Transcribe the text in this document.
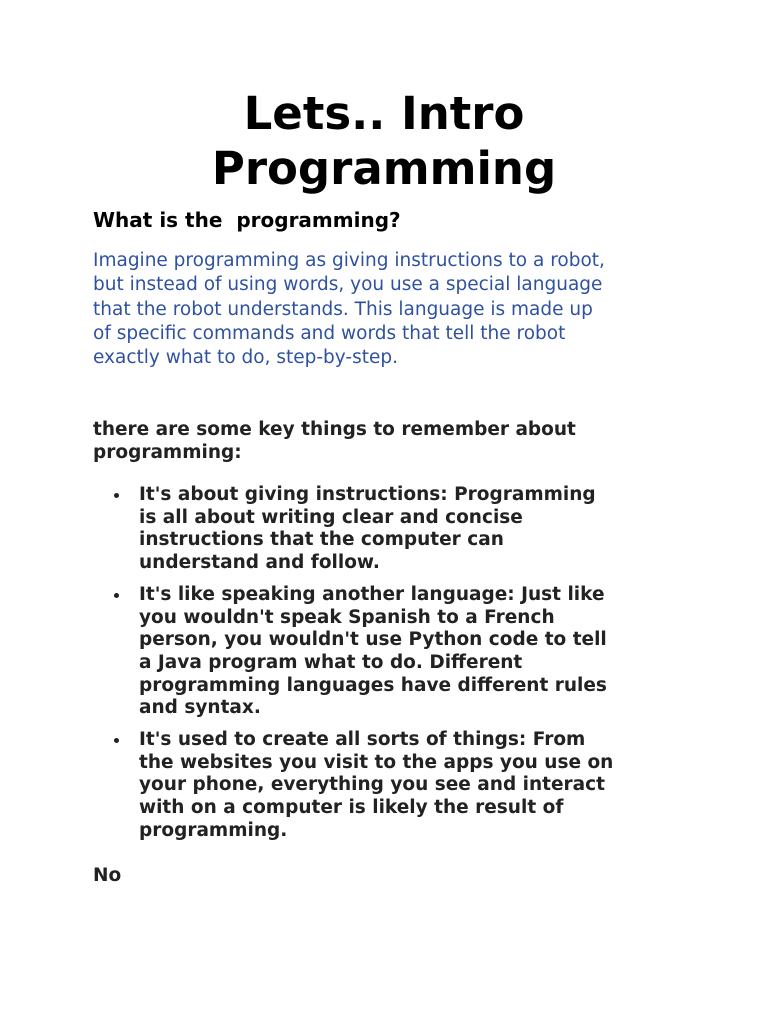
Lets.. Intro
Programming
What is the  programming?

Imagine programming as giving instructions to a robot,
but instead of using words, you use a special language
that the robot understands. This language is made up
of specific commands and words that tell the robot
exactly what to do, step-by-step.

there are some key things to remember about
programming:

It's about giving instructions: Programming
is all about writing clear and concise
instructions that the computer can
understand and follow.
It's like speaking another language: Just like
you wouldn't speak Spanish to a French
person, you wouldn't use Python code to tell
a Java program what to do. Different
programming languages have different rules
and syntax.
It's used to create all sorts of things: From
the websites you visit to the apps you use on
your phone, everything you see and interact
with on a computer is likely the result of
programming.

No
